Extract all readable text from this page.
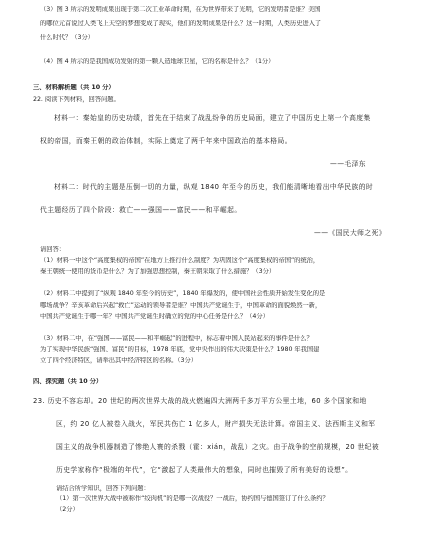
（3）图 3 所示的发明成果出现于第二次工业革命时期，在为世界带来了光明，它的发明者是谁？美国
的哪位元首说过人类飞上天空的梦想变成了现实，他们的发明成果是什么？这一时期，人类历史进入了
什么时代？（3分）
（4）图 4 所示的是我国成功发射的第一颗人造地球卫星，它的名称是什么？（1分）
三、材料解析题（共 10 分）
22. 阅读下列材料，回答问题。
材料一：秦始皇的历史功绩，首先在于结束了战乱纷争的历史局面，建立了中国历史上第一个高度集
权的帝国，而秦王朝的政治体制，实际上奠定了两千年来中国政治的基本格局。
——毛泽东
材料二：时代的主题是压倒一切的力量，纵观 1840 年至今的历史，我们能清晰地看出中华民族的时
代主题经历了四个阶段：救亡——强国——富民——和平崛起。
——《国民大师之死》
请回答：
（1）材料一中这个“高度集权的帝国”在地方上推行什么制度？为巩固这个“高度集权的帝国”的统治，
秦王朝统一使用的货币是什么？为了加强思想控制，秦王朝采取了什么措施？（3分）
（2）材料二中提到了“纵观 1840 年至今的历史”，1840 年爆发的，使中国社会性质开始发生变化的是
哪场战争？辛亥革命后兴起“救亡”运动的领导者是谁？中国共产党诞生于，中国革命的面貌焕然一新，
中国共产党诞生于哪一年？中国共产党诞生时确立的党的中心任务是什么？（4分）
（3）材料二中，在“强国——富民——和平崛起”的进程中，标志着中国人民站起来的事件是什么？
为了实现中华民族“强国、富民”的目标，1978 年底，党中央作出的伟大决策是什么？1980 年我国建
立了四个经济特区，请举出其中经济特区的名称。（3分）
四、探究题（共 10 分）
23. 历史不容忘却。20 世纪的两次世界大战的战火燃遍四大洲两千多万平方公里土地，60 多个国家和地
区，约 20 亿人被卷入战火，军民共伤亡 1 亿多人，财产损失无法计算。帝国主义、法西斯主义和军
国主义的战争机器制造了惨绝人寰的杀戮（霍：xián，战乱）之灾。由于战争的空前规模，20 世纪被
历史学家称作“极端的年代”，它“激起了人类最伟大的想象，同时也摧毁了所有美好的设想”。
请结合所学知识，回答下列问题：
（1）第一次世界大战中被称作“绞肉机”的是哪一次战役？一战后，协约国与德国签订了什么条约？
（2分）
